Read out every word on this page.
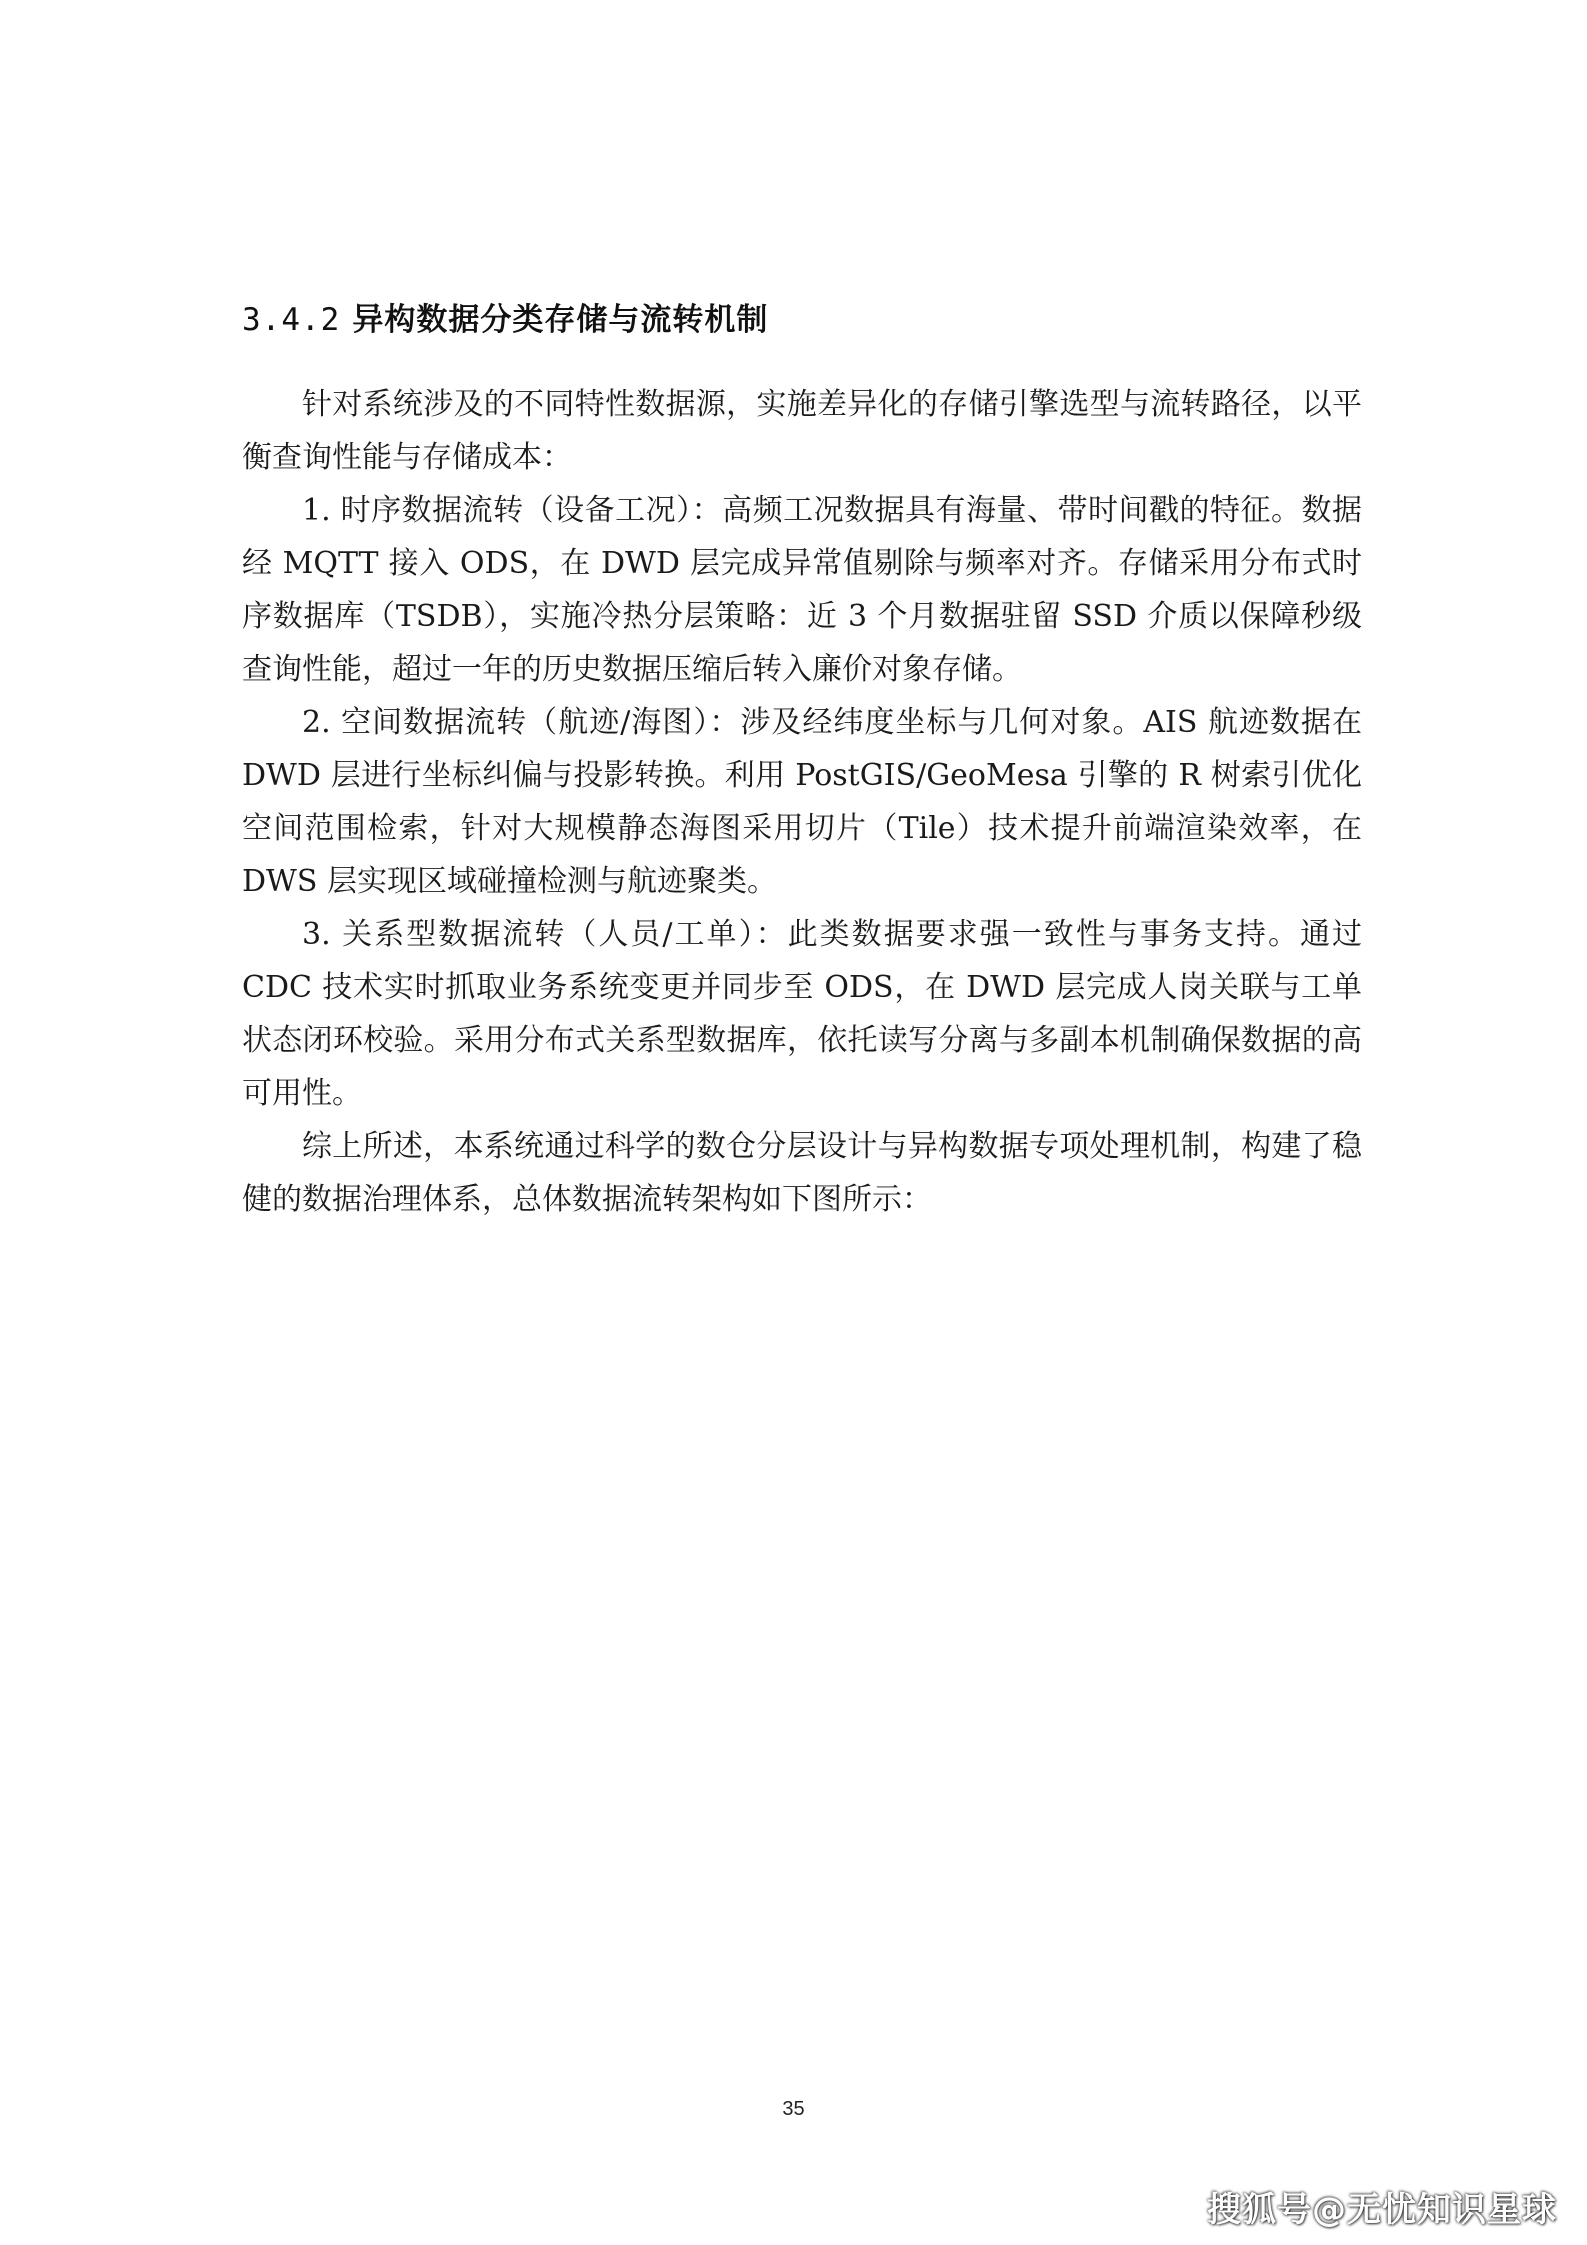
3.4.2 异构数据分类存储与流转机制

针对系统涉及的不同特性数据源，实施差异化的存储引擎选型与流转路径，以平衡查询性能与存储成本：

1. 时序数据流转（设备工况）：高频工况数据具有海量、带时间戳的特征。数据经 MQTT 接入 ODS，在 DWD 层完成异常值剔除与频率对齐。存储采用分布式时序数据库（TSDB），实施冷热分层策略：近 3 个月数据驻留 SSD 介质以保障秒级查询性能，超过一年的历史数据压缩后转入廉价对象存储。

2. 空间数据流转（航迹/海图）：涉及经纬度坐标与几何对象。AIS 航迹数据在 DWD 层进行坐标纠偏与投影转换。利用 PostGIS/GeoMesa 引擎的 R 树索引优化空间范围检索，针对大规模静态海图采用切片（Tile）技术提升前端渲染效率，在 DWS 层实现区域碰撞检测与航迹聚类。

3. 关系型数据流转（人员/工单）：此类数据要求强一致性与事务支持。通过 CDC 技术实时抓取业务系统变更并同步至 ODS，在 DWD 层完成人岗关联与工单状态闭环校验。采用分布式关系型数据库，依托读写分离与多副本机制确保数据的高可用性。

综上所述，本系统通过科学的数仓分层设计与异构数据专项处理机制，构建了稳健的数据治理体系，总体数据流转架构如下图所示：

35
搜狐号@无忧知识星球
